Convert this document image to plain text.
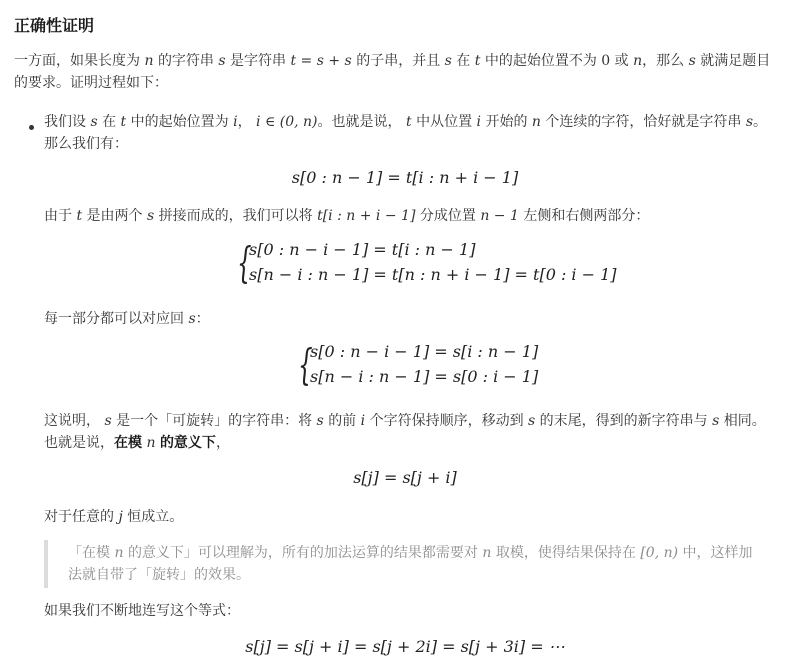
正确性证明
一方面，如果长度为 n 的字符串 s 是字符串 t = s + s 的子串，并且 s 在 t 中的起始位置不为 0 或 n，那么 s 就满足题目
的要求。证明过程如下：
我们设 s 在 t 中的起始位置为 i， i ∈ (0, n)。也就是说， t 中从位置 i 开始的 n 个连续的字符，恰好就是字符串 s。
那么我们有：
s[0 : n − 1] = t[i : n + i − 1]
由于 t 是由两个 s 拼接而成的，我们可以将 t[i : n + i − 1] 分成位置 n − 1 左侧和右侧两部分：
{
s[0 : n − i − 1] = t[i : n − 1]
s[n − i : n − 1] = t[n : n + i − 1] = t[0 : i − 1]
每一部分都可以对应回 s：
{
s[0 : n − i − 1] = s[i : n − 1]
s[n − i : n − 1] = s[0 : i − 1]
这说明， s 是一个「可旋转」的字符串：将 s 的前 i 个字符保持顺序，移动到 s 的末尾，得到的新字符串与 s 相同。
也就是说，在模 n 的意义下，
s[j] = s[j + i]
对于任意的 j 恒成立。
「在模 n 的意义下」可以理解为，所有的加法运算的结果都需要对 n 取模，使得结果保持在 [0, n) 中，这样加
法就自带了「旋转」的效果。
如果我们不断地连写这个等式：
s[j] = s[j + i] = s[j + 2i] = s[j + 3i] = ⋯
